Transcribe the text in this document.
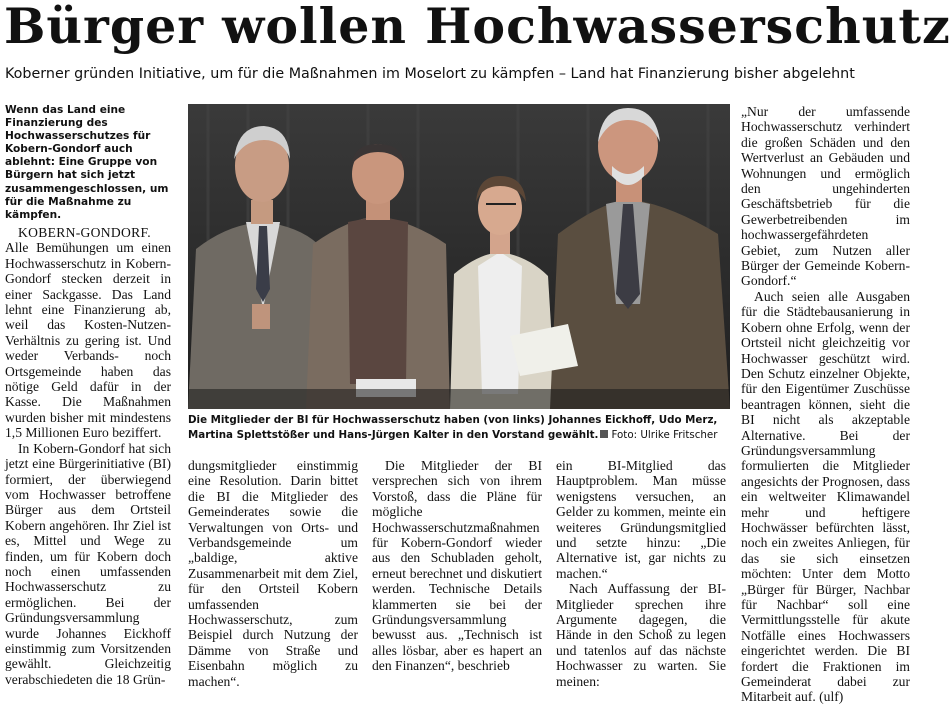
Bürger wollen Hochwasserschutz
Koberner gründen Initiative, um für die Maßnahmen im Moselort zu kämpfen – Land hat Finanzierung bisher abgelehnt
Wenn das Land eine Finanzierung des Hochwasserschutzes für Kobern-Gondorf auch ablehnt: Eine Gruppe von Bürgern hat sich jetzt zusammengeschlossen, um für die Maßnahme zu kämpfen.

KOBERN-GONDORF. Alle Bemühungen um einen Hochwasserschutz in Kobern-Gondorf stecken derzeit in einer Sackgasse. Das Land lehnt eine Finanzierung ab, weil das Kosten-Nutzen-Verhältnis zu gering ist. Und weder Verbands- noch Ortsgemeinde haben das nötige Geld dafür in der Kasse. Die Maßnahmen wurden bisher mit mindestens 1,5 Millionen Euro beziffert.

In Kobern-Gondorf hat sich jetzt eine Bürgerinitiative (BI) formiert, der überwiegend vom Hochwasser betroffene Bürger aus dem Ortsteil Kobern angehören. Ihr Ziel ist es, Mittel und Wege zu finden, um für Kobern doch noch einen umfassenden Hochwasserschutz zu ermöglichen. Bei der Gründungsversammlung wurde Johannes Eickhoff einstimmig zum Vorsitzenden gewählt. Gleichzeitig verabschiedeten die 18 Grün-

Die Mitglieder der BI für Hochwasserschutz haben (von links) Johannes Eickhoff, Udo Merz, Martina Splettstößer und Hans-Jürgen Kalter in den Vorstand gewählt. Foto: Ulrike Fritscher

dungsmitglieder einstimmig eine Resolution. Darin bittet die BI die Mitglieder des Gemeinderates sowie die Verwaltungen von Orts- und Verbandsgemeinde um „baldige, aktive Zusammenarbeit mit dem Ziel, für den Ortsteil Kobern umfassenden Hochwasserschutz, zum Beispiel durch Nutzung der Dämme von Straße und Eisenbahn möglich zu machen“.

Die Mitglieder der BI versprechen sich von ihrem Vorstoß, dass die Pläne für mögliche Hochwasserschutzmaßnahmen für Kobern-Gondorf wieder aus den Schubladen geholt, erneut berechnet und diskutiert werden. Technische Details klammerten sie bei der Gründungsversammlung bewusst aus. „Technisch ist alles lösbar, aber es hapert an den Finanzen“, beschrieb

ein BI-Mitglied das Hauptproblem. Man müsse wenigstens versuchen, an Gelder zu kommen, meinte ein weiteres Gründungsmitglied und setzte hinzu: „Die Alternative ist, gar nichts zu machen.“

Nach Auffassung der BI-Mitglieder sprechen ihre Argumente dagegen, die Hände in den Schoß zu legen und tatenlos auf das nächste Hochwasser zu warten. Sie meinen:

„Nur der umfassende Hochwasserschutz verhindert die großen Schäden und den Wertverlust an Gebäuden und Wohnungen und ermöglich den ungehinderten Geschäftsbetrieb für die Gewerbetreibenden im hochwassergefährdeten Gebiet, zum Nutzen aller Bürger der Gemeinde Kobern-Gondorf.“

Auch seien alle Ausgaben für die Städtebausanierung in Kobern ohne Erfolg, wenn der Ortsteil nicht gleichzeitig vor Hochwasser geschützt wird. Den Schutz einzelner Objekte, für den Eigentümer Zuschüsse beantragen können, sieht die BI nicht als akzeptable Alternative. Bei der Gründungsversammlung formulierten die Mitglieder angesichts der Prognosen, dass ein weltweiter Klimawandel mehr und heftigere Hochwässer befürchten lässt, noch ein zweites Anliegen, für das sie sich einsetzen möchten: Unter dem Motto „Bürger für Bürger, Nachbar für Nachbar“ soll eine Vermittlungsstelle für akute Notfälle eines Hochwassers eingerichtet werden. Die BI fordert die Fraktionen im Gemeinderat dabei zur Mitarbeit auf. (ulf)
